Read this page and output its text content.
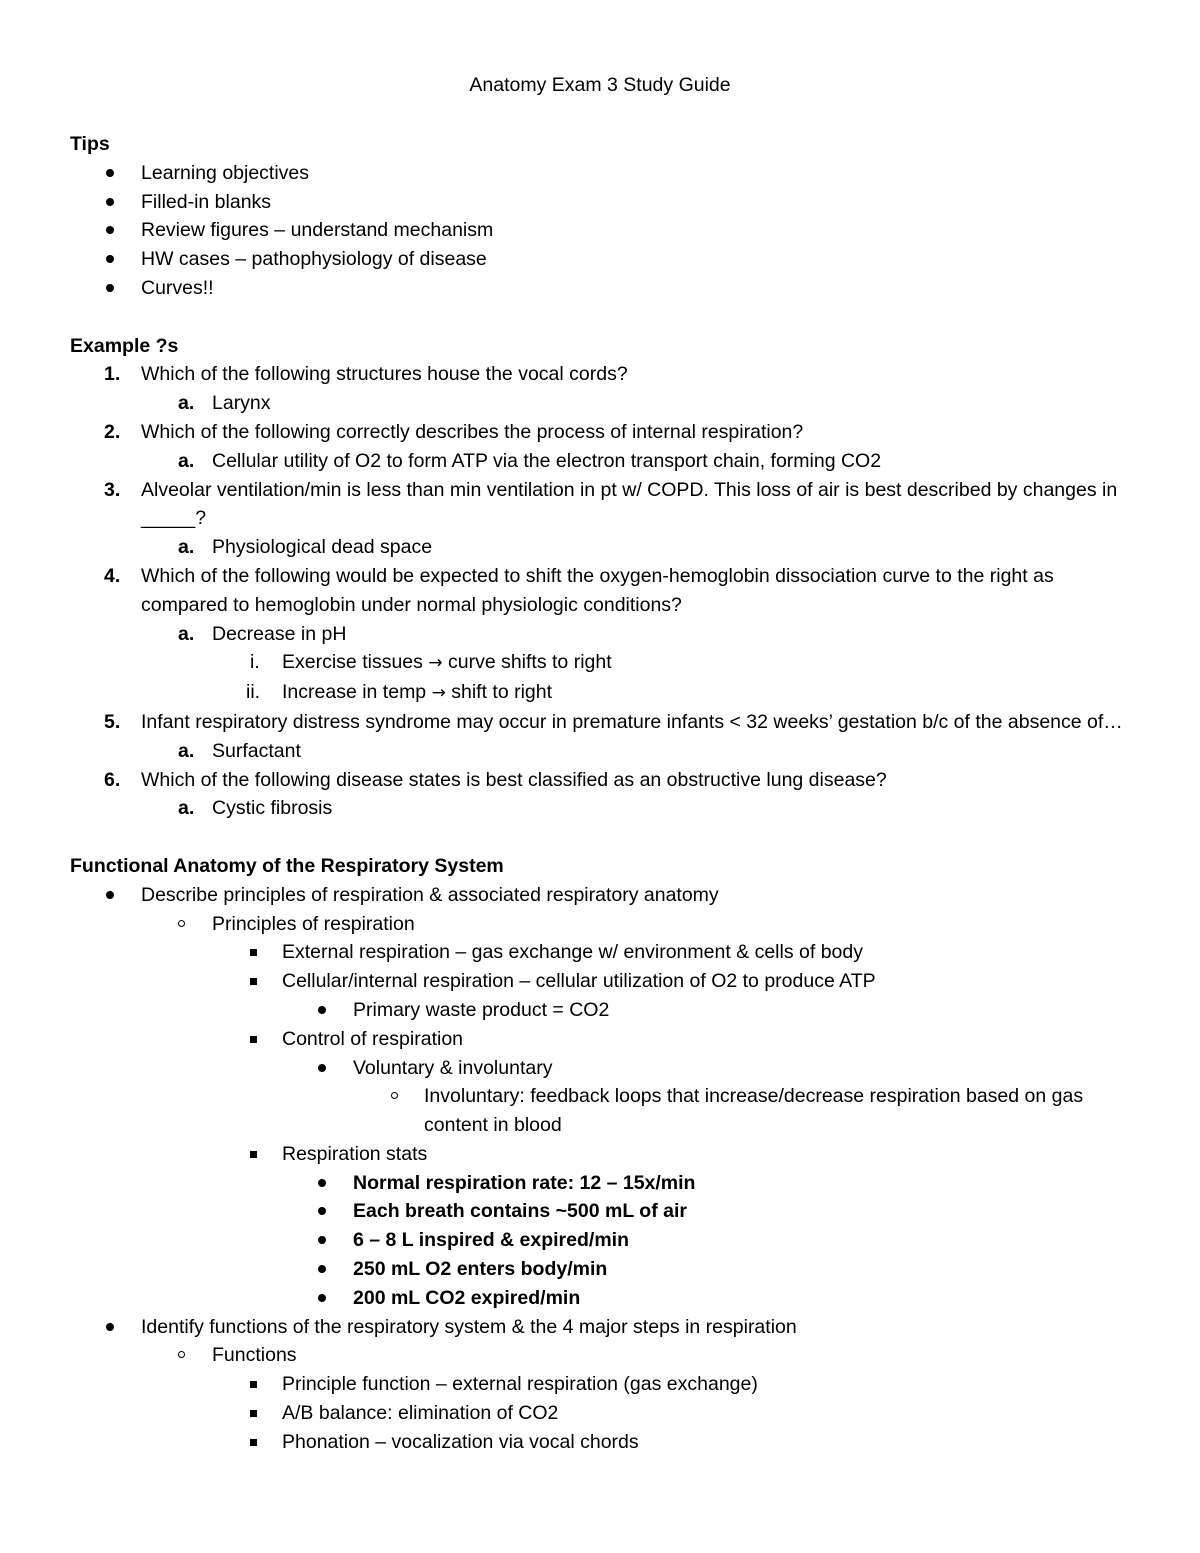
Anatomy Exam 3 Study Guide
Tips
Learning objectives
Filled-in blanks
Review figures – understand mechanism
HW cases – pathophysiology of disease
Curves!!
Example ?s
1. Which of the following structures house the vocal cords?
a. Larynx
2. Which of the following correctly describes the process of internal respiration?
a. Cellular utility of O2 to form ATP via the electron transport chain, forming CO2
3. Alveolar ventilation/min is less than min ventilation in pt w/ COPD. This loss of air is best described by changes in _____?
a. Physiological dead space
4. Which of the following would be expected to shift the oxygen-hemoglobin dissociation curve to the right as compared to hemoglobin under normal physiologic conditions?
a. Decrease in pH
i. Exercise tissues → curve shifts to right
ii. Increase in temp → shift to right
5. Infant respiratory distress syndrome may occur in premature infants < 32 weeks’ gestation b/c of the absence of…
a. Surfactant
6. Which of the following disease states is best classified as an obstructive lung disease?
a. Cystic fibrosis
Functional Anatomy of the Respiratory System
Describe principles of respiration & associated respiratory anatomy
Principles of respiration
External respiration – gas exchange w/ environment & cells of body
Cellular/internal respiration – cellular utilization of O2 to produce ATP
Primary waste product = CO2
Control of respiration
Voluntary & involuntary
Involuntary: feedback loops that increase/decrease respiration based on gas content in blood
Respiration stats
Normal respiration rate: 12 – 15x/min
Each breath contains ~500 mL of air
6 – 8 L inspired & expired/min
250 mL O2 enters body/min
200 mL CO2 expired/min
Identify functions of the respiratory system & the 4 major steps in respiration
Functions
Principle function – external respiration (gas exchange)
A/B balance: elimination of CO2
Phonation – vocalization via vocal chords
